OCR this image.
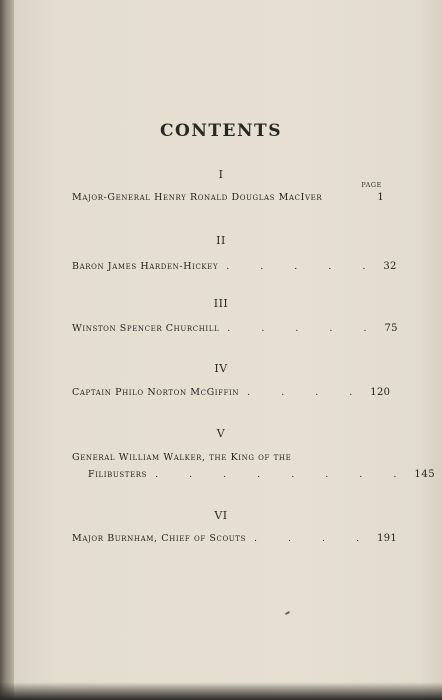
CONTENTS
I
PAGE
Major-General Henry Ronald Douglas MacIver	1
II
Baron James Harden-Hickey . . . . . 32
III
Winston Spencer Churchill . . . . . 75
IV
Captain Philo Norton McGiffin . . . . 120
V
General William Walker, the King of the
Filibusters . . . . . . . . 145
VI
Major Burnham, Chief of Scouts . . . . 191
